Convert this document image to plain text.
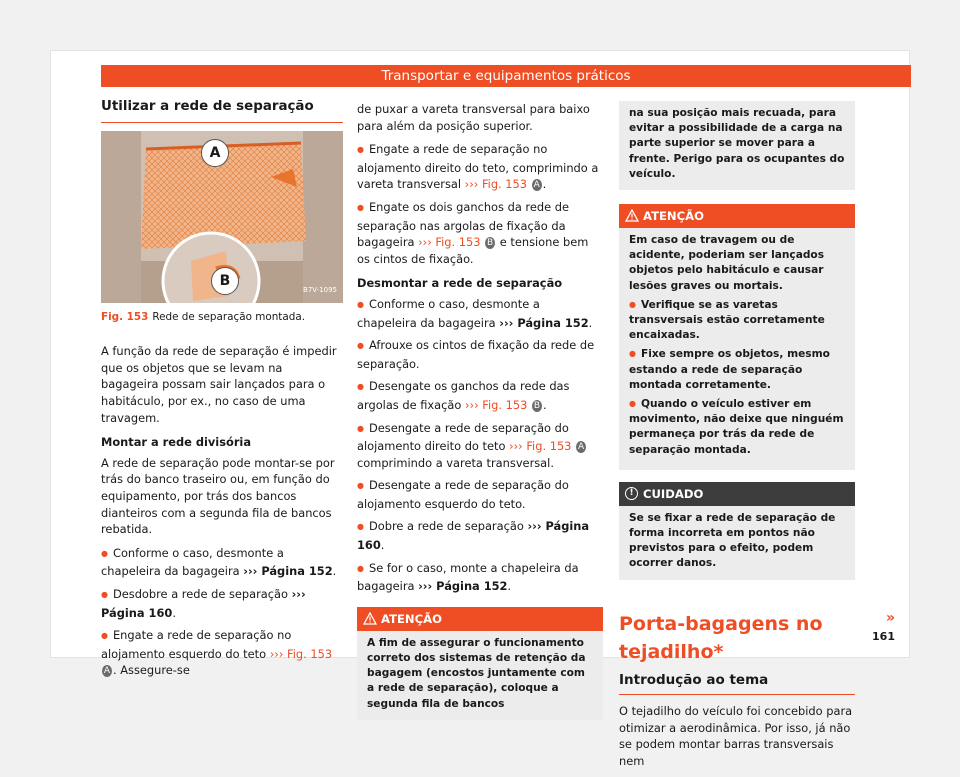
Transportar e equipamentos práticos
Utilizar a rede de separação
A
B
B7V-1095
Fig. 153 Rede de separação montada.

A função da rede de separação é impedir que os objetos que se levam na bagageira possam sair lançados para o habitáculo, por ex., no caso de uma travagem.

Montar a rede divisória

A rede de separação pode montar-se por trás do banco traseiro ou, em função do equipamento, por trás dos bancos dianteiros com a segunda fila de bancos rebatida.

● Conforme o caso, desmonte a chapeleira da bagageira ››› Página 152.
● Desdobre a rede de separação ››› Página 160.
● Engate a rede de separação no alojamento esquerdo do teto ››› Fig. 153 A . Assegure-se

de puxar a vareta transversal para baixo para além da posição superior.

● Engate a rede de separação no alojamento direito do teto, comprimindo a vareta transversal ››› Fig. 153 A .
● Engate os dois ganchos da rede de separação nas argolas de fixação da bagageira ››› Fig. 153 B e tensione bem os cintos de fixação.
Desmontar a rede de separação
● Conforme o caso, desmonte a chapeleira da bagageira ››› Página 152.
● Afrouxe os cintos de fixação da rede de separação.
● Desengate os ganchos da rede das argolas de fixação ››› Fig. 153 B .
● Desengate a rede de separação do alojamento direito do teto ››› Fig. 153 A comprimindo a vareta transversal.
● Desengate a rede de separação do alojamento esquerdo do teto.
● Dobre a rede de separação ››› Página 160.
● Se for o caso, monte a chapeleira da bagageira ››› Página 152.
ATENÇÃO
A fim de assegurar o funcionamento correto dos sistemas de retenção da bagagem (encostos juntamente com a rede de separação), coloque a segunda fila de bancos
na sua posição mais recuada, para evitar a possibilidade de a carga na parte superior se mover para a frente. Perigo para os ocupantes do veículo.
ATENÇÃO
Em caso de travagem ou de acidente, poderiam ser lançados objetos pelo habitáculo e causar lesões graves ou mortais.
● Verifique se as varetas transversais estão corretamente encaixadas.
● Fixe sempre os objetos, mesmo estando a rede de separação montada corretamente.
● Quando o veículo estiver em movimento, não deixe que ninguém permaneça por trás da rede de separação montada.
! CUIDADO
Se se fixar a rede de separação de forma incorreta em pontos não previstos para o efeito, podem ocorrer danos.
Porta-bagagens no tejadilho*
Introdução ao tema

O tejadilho do veículo foi concebido para otimizar a aerodinâmica. Por isso, já não se podem montar barras transversais nem

»
161
